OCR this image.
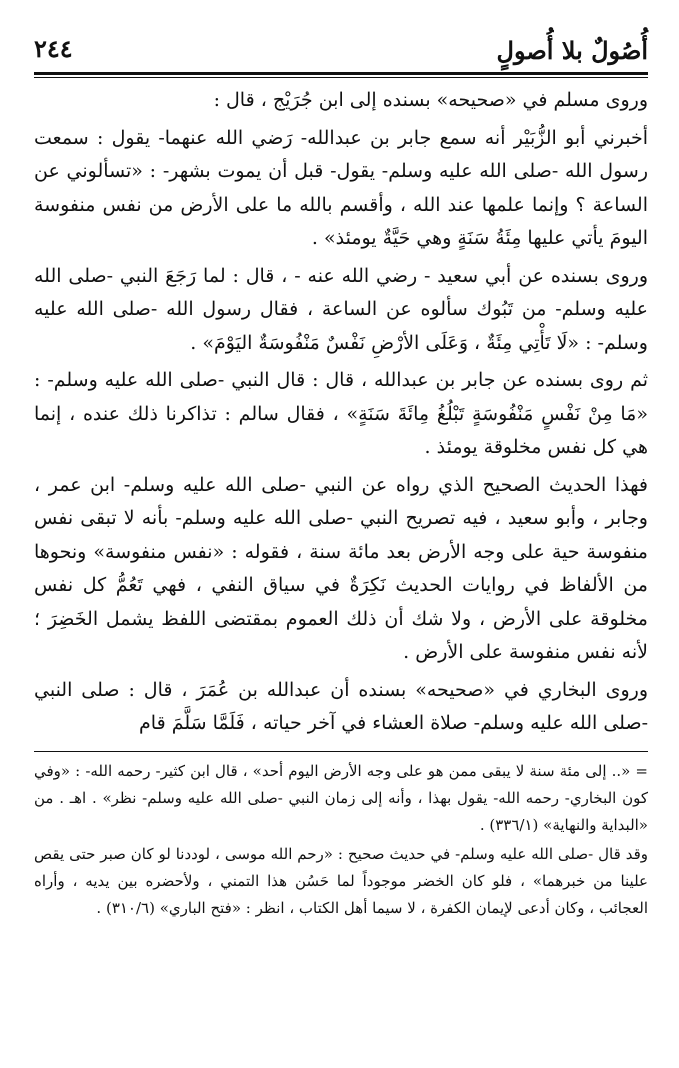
أُصُولٌ بلا أُصولٍ
٢٤٤

وروى مسلم في «صحيحه» بسنده إلى ابن جُرَيْج ، قال :

أخبرني أبو الزُّبَيْر أنه سمع جابر بن عبدالله- رَضي الله عنهما- يقول : سمعت رسول الله -صلى الله عليه وسلم- يقول- قبل أن يموت بشهر- : «تسألوني عن الساعة ؟ وإنما علمها عند الله ، وأقسم بالله ما على الأرض من نفس منفوسة اليومَ يأتي عليها مِئَةُ سَنَةٍ وهي حَيَّةٌ يومئذ» .

وروى بسنده عن أبي سعيد - رضي الله عنه - ، قال : لما رَجَعَ النبي -صلى الله عليه وسلم- من تَبُوك سألوه عن الساعة ، فقال رسول الله -صلى الله عليه وسلم- : «لَا تَأْتِي مِئَةٌ ، وَعَلَى الأرْضِ نَفْسٌ مَنْفُوسَةٌ اليَوْمَ» .

ثم روى بسنده عن جابر بن عبدالله ، قال : قال النبي -صلى الله عليه وسلم- : «مَا مِنْ نَفْسٍ مَنْفُوسَةٍ تَبْلُغُ مِائَةَ سَنَةٍ» ، فقال سالم : تذاكرنا ذلك عنده ، إنما هي كل نفس مخلوقة يومئذ .

فهذا الحديث الصحيح الذي رواه عن النبي -صلى الله عليه وسلم- ابن عمر ، وجابر ، وأبو سعيد ، فيه تصريح النبي -صلى الله عليه وسلم- بأنه لا تبقى نفس منفوسة حية على وجه الأرض بعد مائة سنة ، فقوله : «نفس منفوسة» ونحوها من الألفاظ في روايات الحديث نَكِرَةٌ في سياق النفي ، فهي تَعُمُّ كل نفس مخلوقة على الأرض ، ولا شك أن ذلك العموم بمقتضى اللفظ يشمل الخَضِرَ ؛ لأنه نفس منفوسة على الأرض .

وروى البخاري في «صحيحه» بسنده أن عبدالله بن عُمَرَ ، قال : صلى النبي -صلى الله عليه وسلم- صلاة العشاء في آخر حياته ، فَلَمَّا سَلَّمَ قام

= «.. إلى مئة سنة لا يبقى ممن هو على وجه الأرض اليوم أحد» ، قال ابن كثير- رحمه الله- : «وفي كون البخاري- رحمه الله- يقول بهذا ، وأنه إلى زمان النبي -صلى الله عليه وسلم- نظر» . اهـ . من «البداية والنهاية» (٣٣٦/١) .

وقد قال -صلى الله عليه وسلم- في حديث صحيح : «رحم الله موسى ، لوددنا لو كان صبر حتى يقص علينا من خبرهما» ، فلو كان الخضر موجوداً لما حَسُن هذا التمني ، ولأحضره بين يديه ، وأراه العجائب ، وكان أدعى لإيمان الكفرة ، لا سيما أهل الكتاب ، انظر : «فتح الباري» (٣١٠/٦) .
